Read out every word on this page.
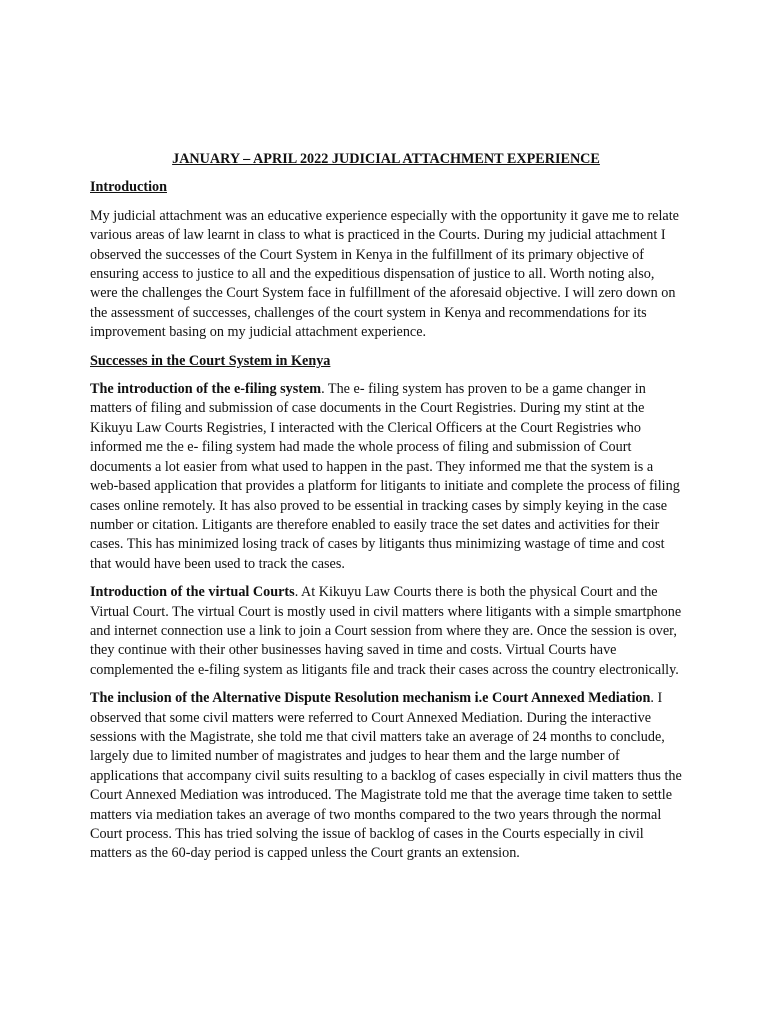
JANUARY – APRIL 2022 JUDICIAL ATTACHMENT EXPERIENCE

Introduction

My judicial attachment was an educative experience especially with the opportunity it gave me to relate various areas of law learnt in class to what is practiced in the Courts. During my judicial attachment I observed the successes of the Court System in Kenya in the fulfillment of its primary objective of ensuring access to justice to all and the expeditious dispensation of justice to all. Worth noting also, were the challenges the Court System face in fulfillment of the aforesaid objective. I will zero down on the assessment of successes, challenges of the court system in Kenya and recommendations for its improvement basing on my judicial attachment experience.

Successes in the Court System in Kenya

The introduction of the e-filing system. The e- filing system has proven to be a game changer in matters of filing and submission of case documents in the Court Registries. During my stint at the Kikuyu Law Courts Registries, I interacted with the Clerical Officers at the Court Registries who informed me the e- filing system had made the whole process of filing and submission of Court documents a lot easier from what used to happen in the past. They informed me that the system is a web-based application that provides a platform for litigants to initiate and complete the process of filing cases online remotely. It has also proved to be essential in tracking cases by simply keying in the case number or citation. Litigants are therefore enabled to easily trace the set dates and activities for their cases. This has minimized losing track of cases by litigants thus minimizing wastage of time and cost that would have been used to track the cases.

Introduction of the virtual Courts. At Kikuyu Law Courts there is both the physical Court and the Virtual Court. The virtual Court is mostly used in civil matters where litigants with a simple smartphone and internet connection use a link to join a Court session from where they are. Once the session is over, they continue with their other businesses having saved in time and costs. Virtual Courts have complemented the e-filing system as litigants file and track their cases across the country electronically.

The inclusion of the Alternative Dispute Resolution mechanism i.e Court Annexed Mediation. I observed that some civil matters were referred to Court Annexed Mediation. During the interactive sessions with the Magistrate, she told me that civil matters take an average of 24 months to conclude, largely due to limited number of magistrates and judges to hear them and the large number of applications that accompany civil suits resulting to a backlog of cases especially in civil matters thus the Court Annexed Mediation was introduced. The Magistrate told me that the average time taken to settle matters via mediation takes an average of two months compared to the two years through the normal Court process. This has tried solving the issue of backlog of cases in the Courts especially in civil matters as the 60-day period is capped unless the Court grants an extension.
